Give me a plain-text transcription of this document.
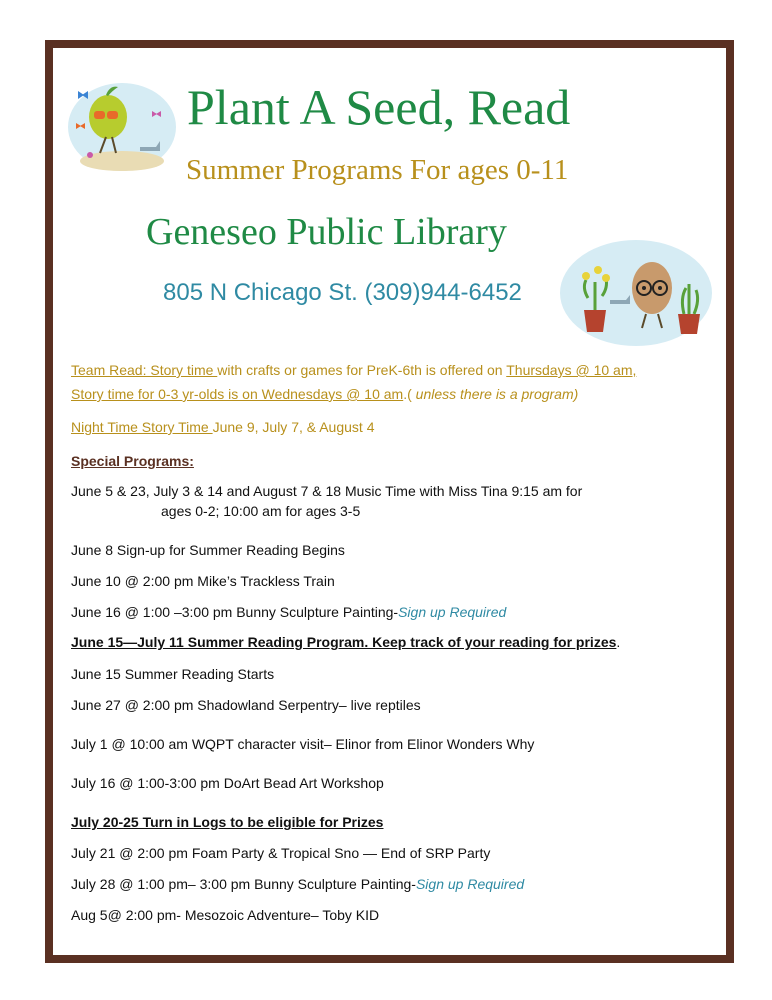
Plant A Seed, Read
Summer Programs For ages 0-11
Geneseo Public Library
805 N Chicago St. (309)944-6452
Team Read: Story time with crafts or games for PreK-6th is offered on Thursdays @ 10 am,
Story time for 0-3 yr-olds is on Wednesdays @ 10 am.( unless there is a program)
Night Time Story Time June 9, July 7, & August 4
Special Programs:
June 5 & 23, July 3 & 14 and August 7 & 18 Music Time with Miss Tina 9:15 am for
ages 0-2; 10:00 am for ages 3-5
June 8 Sign-up for Summer Reading Begins
June 10 @ 2:00 pm Mike’s Trackless Train
June 16 @ 1:00 –3:00 pm Bunny Sculpture Painting-Sign up Required
June 15—July 11 Summer Reading Program. Keep track of your reading for prizes.
June 15 Summer Reading Starts
June 27 @ 2:00 pm Shadowland Serpentry– live reptiles
July 1 @ 10:00 am WQPT character visit– Elinor from Elinor Wonders Why
July 16 @ 1:00-3:00 pm DoArt Bead Art Workshop
July 20-25 Turn in Logs to be eligible for Prizes
July 21 @ 2:00 pm Foam Party & Tropical Sno — End of SRP Party
July 28 @ 1:00 pm– 3:00 pm Bunny Sculpture Painting-Sign up Required
Aug 5@ 2:00 pm- Mesozoic Adventure– Toby KID
